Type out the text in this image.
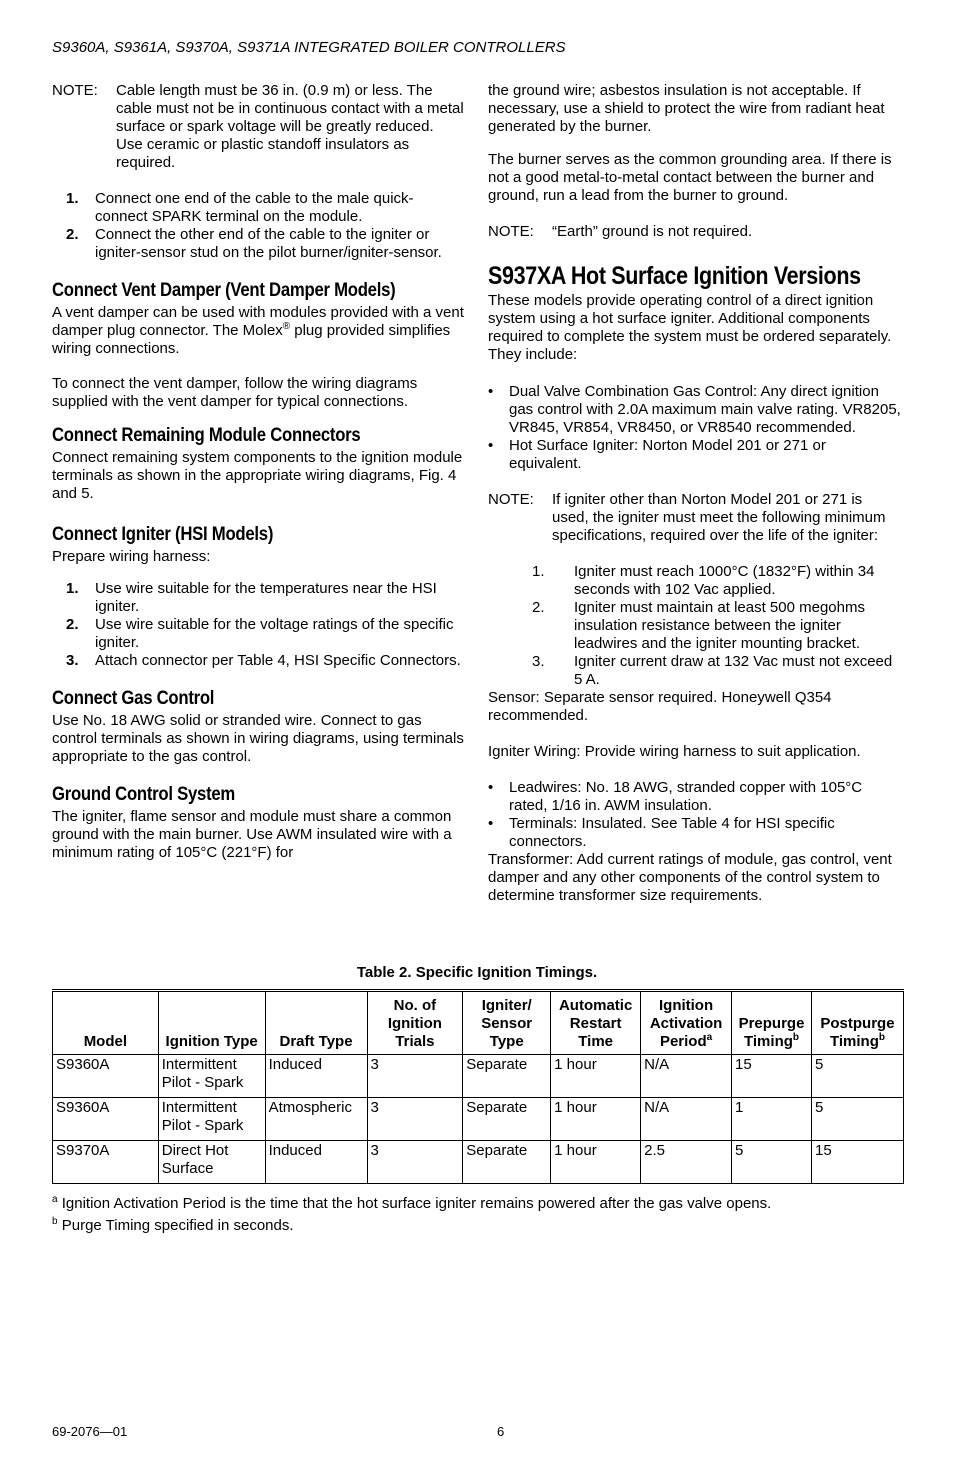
S9360A, S9361A, S9370A, S9371A INTEGRATED BOILER CONTROLLERS
NOTE:	Cable length must be 36 in. (0.9 m) or less. The cable must not be in continuous contact with a metal surface or spark voltage will be greatly reduced. Use ceramic or plastic standoff insulators as required.
1.	Connect one end of the cable to the male quick-connect SPARK terminal on the module.
2.	Connect the other end of the cable to the igniter or igniter-sensor stud on the pilot burner/igniter-sensor.
Connect Vent Damper (Vent Damper Models)

A vent damper can be used with modules provided with a vent damper plug connector. The Molex® plug provided simplifies wiring connections.

To connect the vent damper, follow the wiring diagrams supplied with the vent damper for typical connections.

Connect Remaining Module Connectors

Connect remaining system components to the ignition module terminals as shown in the appropriate wiring diagrams, Fig. 4 and 5.

Connect Igniter (HSI Models)

Prepare wiring harness:

1.	Use wire suitable for the temperatures near the HSI igniter.
2.	Use wire suitable for the voltage ratings of the specific igniter.
3.	Attach connector per Table 4, HSI Specific Connectors.
Connect Gas Control

Use No. 18 AWG solid or stranded wire. Connect to gas control terminals as shown in wiring diagrams, using terminals appropriate to the gas control.

Ground Control System

The igniter, flame sensor and module must share a common ground with the main burner. Use AWM insulated wire with a minimum rating of 105°C (221°F) for

the ground wire; asbestos insulation is not acceptable. If necessary, use a shield to protect the wire from radiant heat generated by the burner.

The burner serves as the common grounding area. If there is not a good metal-to-metal contact between the burner and ground, run a lead from the burner to ground.

NOTE:	“Earth” ground is not required.
S937XA Hot Surface Ignition Versions

These models provide operating control of a direct ignition system using a hot surface igniter. Additional components required to complete the system must be ordered separately. They include:

•	Dual Valve Combination Gas Control: Any direct ignition gas control with 2.0A maximum main valve rating. VR8205, VR845, VR854, VR8450, or VR8540 recommended.
•	Hot Surface Igniter: Norton Model 201 or 271 or equivalent.
NOTE:	If igniter other than Norton Model 201 or 271 is used, the igniter must meet the following minimum specifications, required over the life of the igniter:
1.	Igniter must reach 1000°C (1832°F) within 34 seconds with 102 Vac applied.
2.	Igniter must maintain at least 500 megohms insulation resistance between the igniter leadwires and the igniter mounting bracket.
3.	Igniter current draw at 132 Vac must not exceed 5 A.

Sensor: Separate sensor required. Honeywell Q354 recommended.

Igniter Wiring: Provide wiring harness to suit application.

•	Leadwires: No. 18 AWG, stranded copper with 105°C rated, 1/16 in. AWM insulation.
•	Terminals: Insulated. See Table 4 for HSI specific connectors.

Transformer: Add current ratings of module, gas control, vent damper and any other components of the control system to determine transformer size requirements.

Table 2. Specific Ignition Timings.
Model	Ignition Type	Draft Type	No. of Ignition Trials	Igniter/ Sensor Type	Automatic Restart Time	Ignition Activation Period$^a$	Prepurge Timing$^b$	Postpurge Timing$^b$
S9360A	Intermittent Pilot - Spark	Induced	3	Separate	1 hour	N/A	15	5
S9360A	Intermittent Pilot - Spark	Atmospheric	3	Separate	1 hour	N/A	1	5
S9370A	Direct Hot Surface	Induced	3	Separate	1 hour	2.5	5	15
$^a$ Ignition Activation Period is the time that the hot surface igniter remains powered after the gas valve opens.
$^b$ Purge Timing specified in seconds.
69-2076—01	6
